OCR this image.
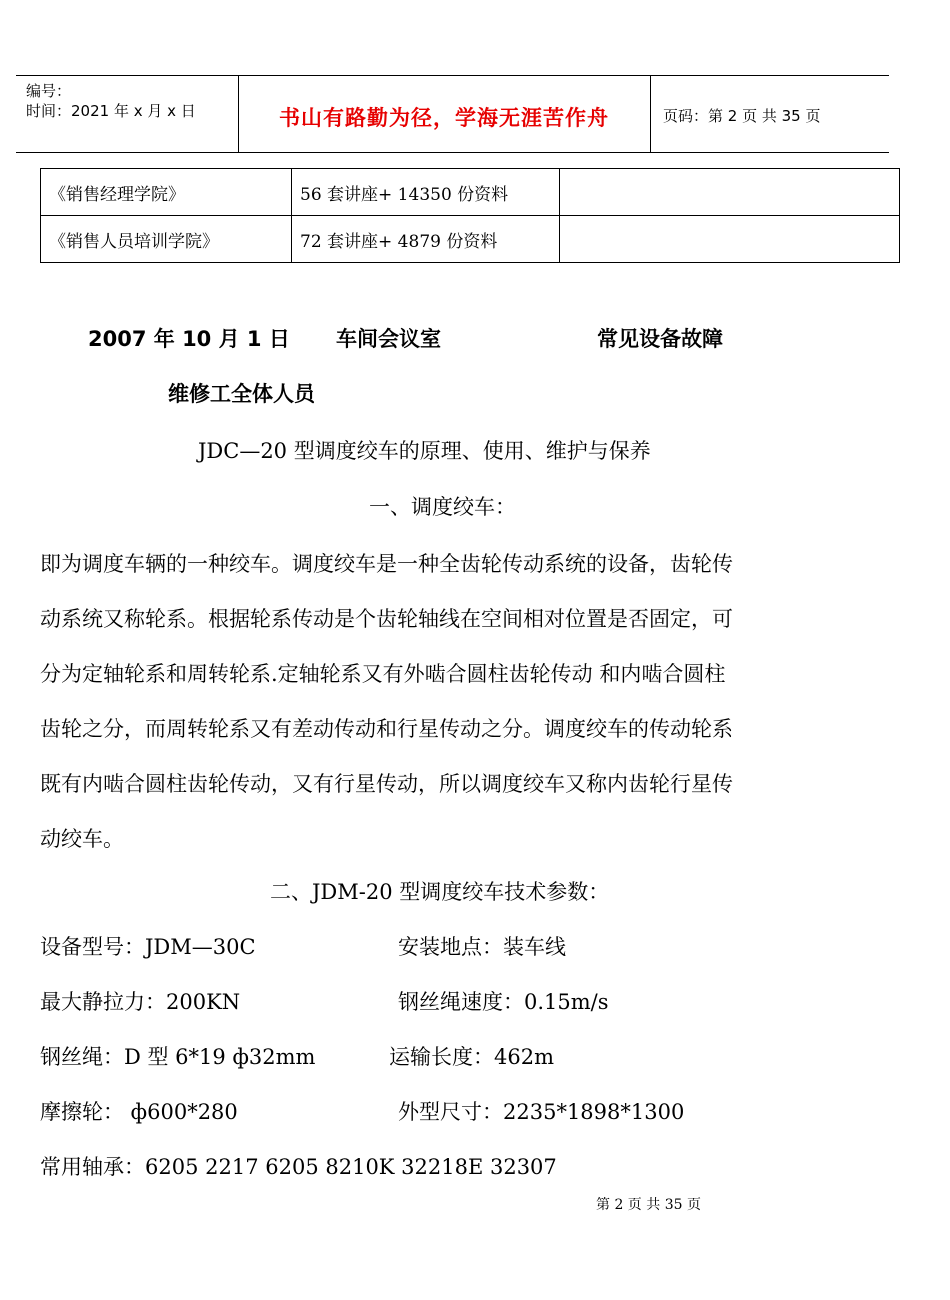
编号：
时间：2021 年 x 月 x 日	书山有路勤为径，学海无涯苦作舟	页码：第 2 页 共 35 页
《销售经理学院》	56 套讲座+ 14350 份资料	
《销售人员培训学院》	72 套讲座+ 4879 份资料	
2007 年 10 月 1 日 车间会议室	常见设备故障
维修工全体人员
JDC—20 型调度绞车的原理、使用、维护与保养
一、调度绞车：
即为调度车辆的一种绞车。调度绞车是一种全齿轮传动系统的设备，齿轮传
动系统又称轮系。根据轮系传动是个齿轮轴线在空间相对位置是否固定，可
分为定轴轮系和周转轮系.定轴轮系又有外啮合圆柱齿轮传动 和内啮合圆柱
齿轮之分，而周转轮系又有差动传动和行星传动之分。调度绞车的传动轮系
既有内啮合圆柱齿轮传动，又有行星传动，所以调度绞车又称内齿轮行星传
动绞车。
二、JDM-20 型调度绞车技术参数：
设备型号：JDM—30C	安装地点：装车线
最大静拉力：200KN	钢丝绳速度：0.15m/s
钢丝绳：D 型 6*19 ф32mm	运输长度：462m
摩擦轮： ф600*280	外型尺寸：2235*1898*1300
常用轴承：6205 2217 6205 8210K 32218E 32307
第 2 页 共 35 页
